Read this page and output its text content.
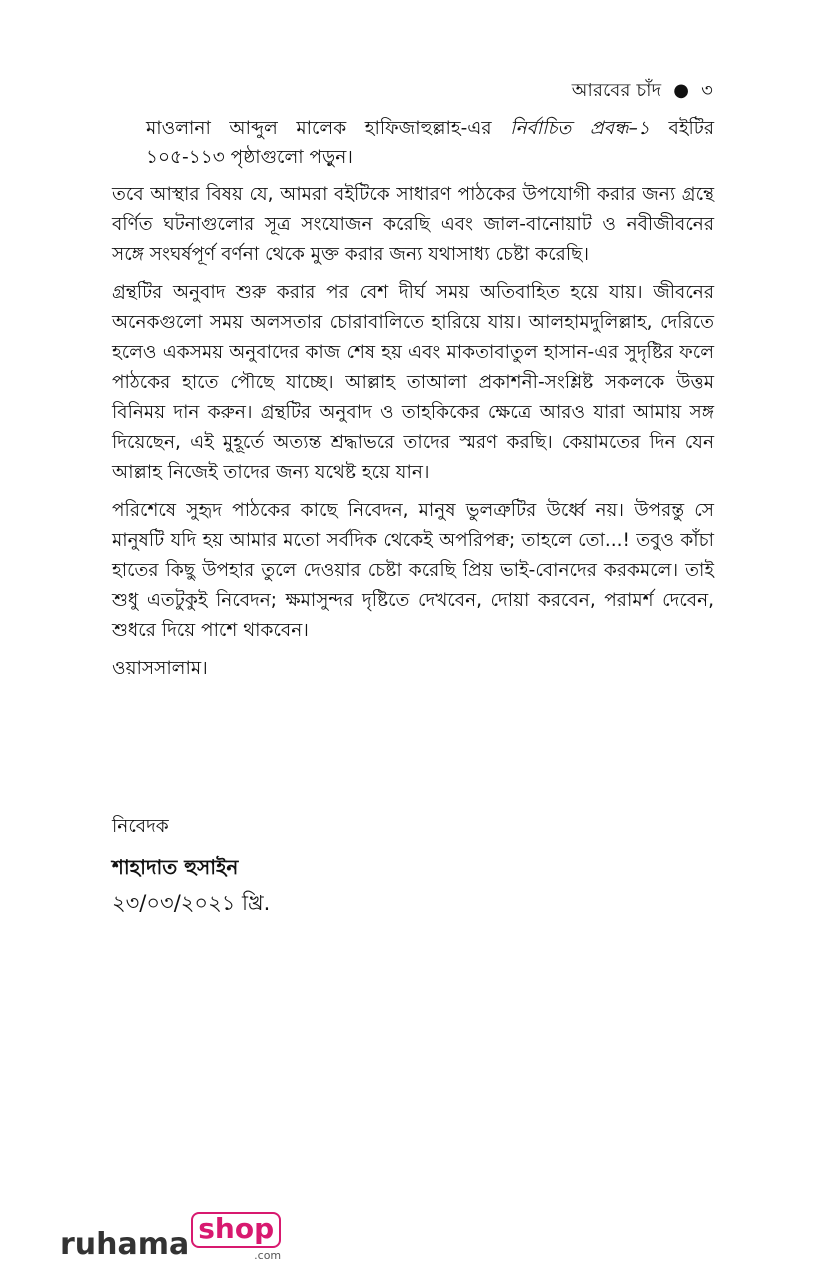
আরবের চাঁদ ● ৩

মাওলানা আব্দুল মালেক হাফিজাহুল্লাহ-এর নির্বাচিত প্রবন্ধ–১ বইটির ১০৫-১১৩ পৃষ্ঠাগুলো পড়ুন।

তবে আস্থার বিষয় যে, আমরা বইটিকে সাধারণ পাঠকের উপযোগী করার জন্য গ্রন্থে বর্ণিত ঘটনাগুলোর সূত্র সংযোজন করেছি এবং জাল-বানোয়াট ও নবীজীবনের সঙ্গে সংঘর্ষপূর্ণ বর্ণনা থেকে মুক্ত করার জন্য যথাসাধ্য চেষ্টা করেছি।

গ্রন্থটির অনুবাদ শুরু করার পর বেশ দীর্ঘ সময় অতিবাহিত হয়ে যায়। জীবনের অনেকগুলো সময় অলসতার চোরাবালিতে হারিয়ে যায়। আলহামদুলিল্লাহ, দেরিতে হলেও একসময় অনুবাদের কাজ শেষ হয় এবং মাকতাবাতুল হাসান-এর সুদৃষ্টির ফলে পাঠকের হাতে পৌছে যাচ্ছে। আল্লাহ তাআলা প্রকাশনী-সংশ্লিষ্ট সকলকে উত্তম বিনিময় দান করুন। গ্রন্থটির অনুবাদ ও তাহকিকের ক্ষেত্রে আরও যারা আমায় সঙ্গ দিয়েছেন, এই মুহূর্তে অত্যন্ত শ্রদ্ধাভরে তাদের স্মরণ করছি। কেয়ামতের দিন যেন আল্লাহ নিজেই তাদের জন্য যথেষ্ট হয়ে যান।

পরিশেষে সুহৃদ পাঠকের কাছে নিবেদন, মানুষ ভুলত্রুটির উর্ধ্বে নয়। উপরন্তু সে মানুষটি যদি হয় আমার মতো সর্বদিক থেকেই অপরিপক্ব; তাহলে তো...! তবুও কাঁচা হাতের কিছু উপহার তুলে দেওয়ার চেষ্টা করেছি প্রিয় ভাই-বোনদের করকমলে। তাই শুধু এতটুকুই নিবেদন; ক্ষমাসুন্দর দৃষ্টিতে দেখবেন, দোয়া করবেন, পরামর্শ দেবেন, শুধরে দিয়ে পাশে থাকবেন।

ওয়াসসালাম।

নিবেদক

শাহাদাত হুসাইন

২৩/০৩/২০২১ খ্রি.

ruhama shop
.com
